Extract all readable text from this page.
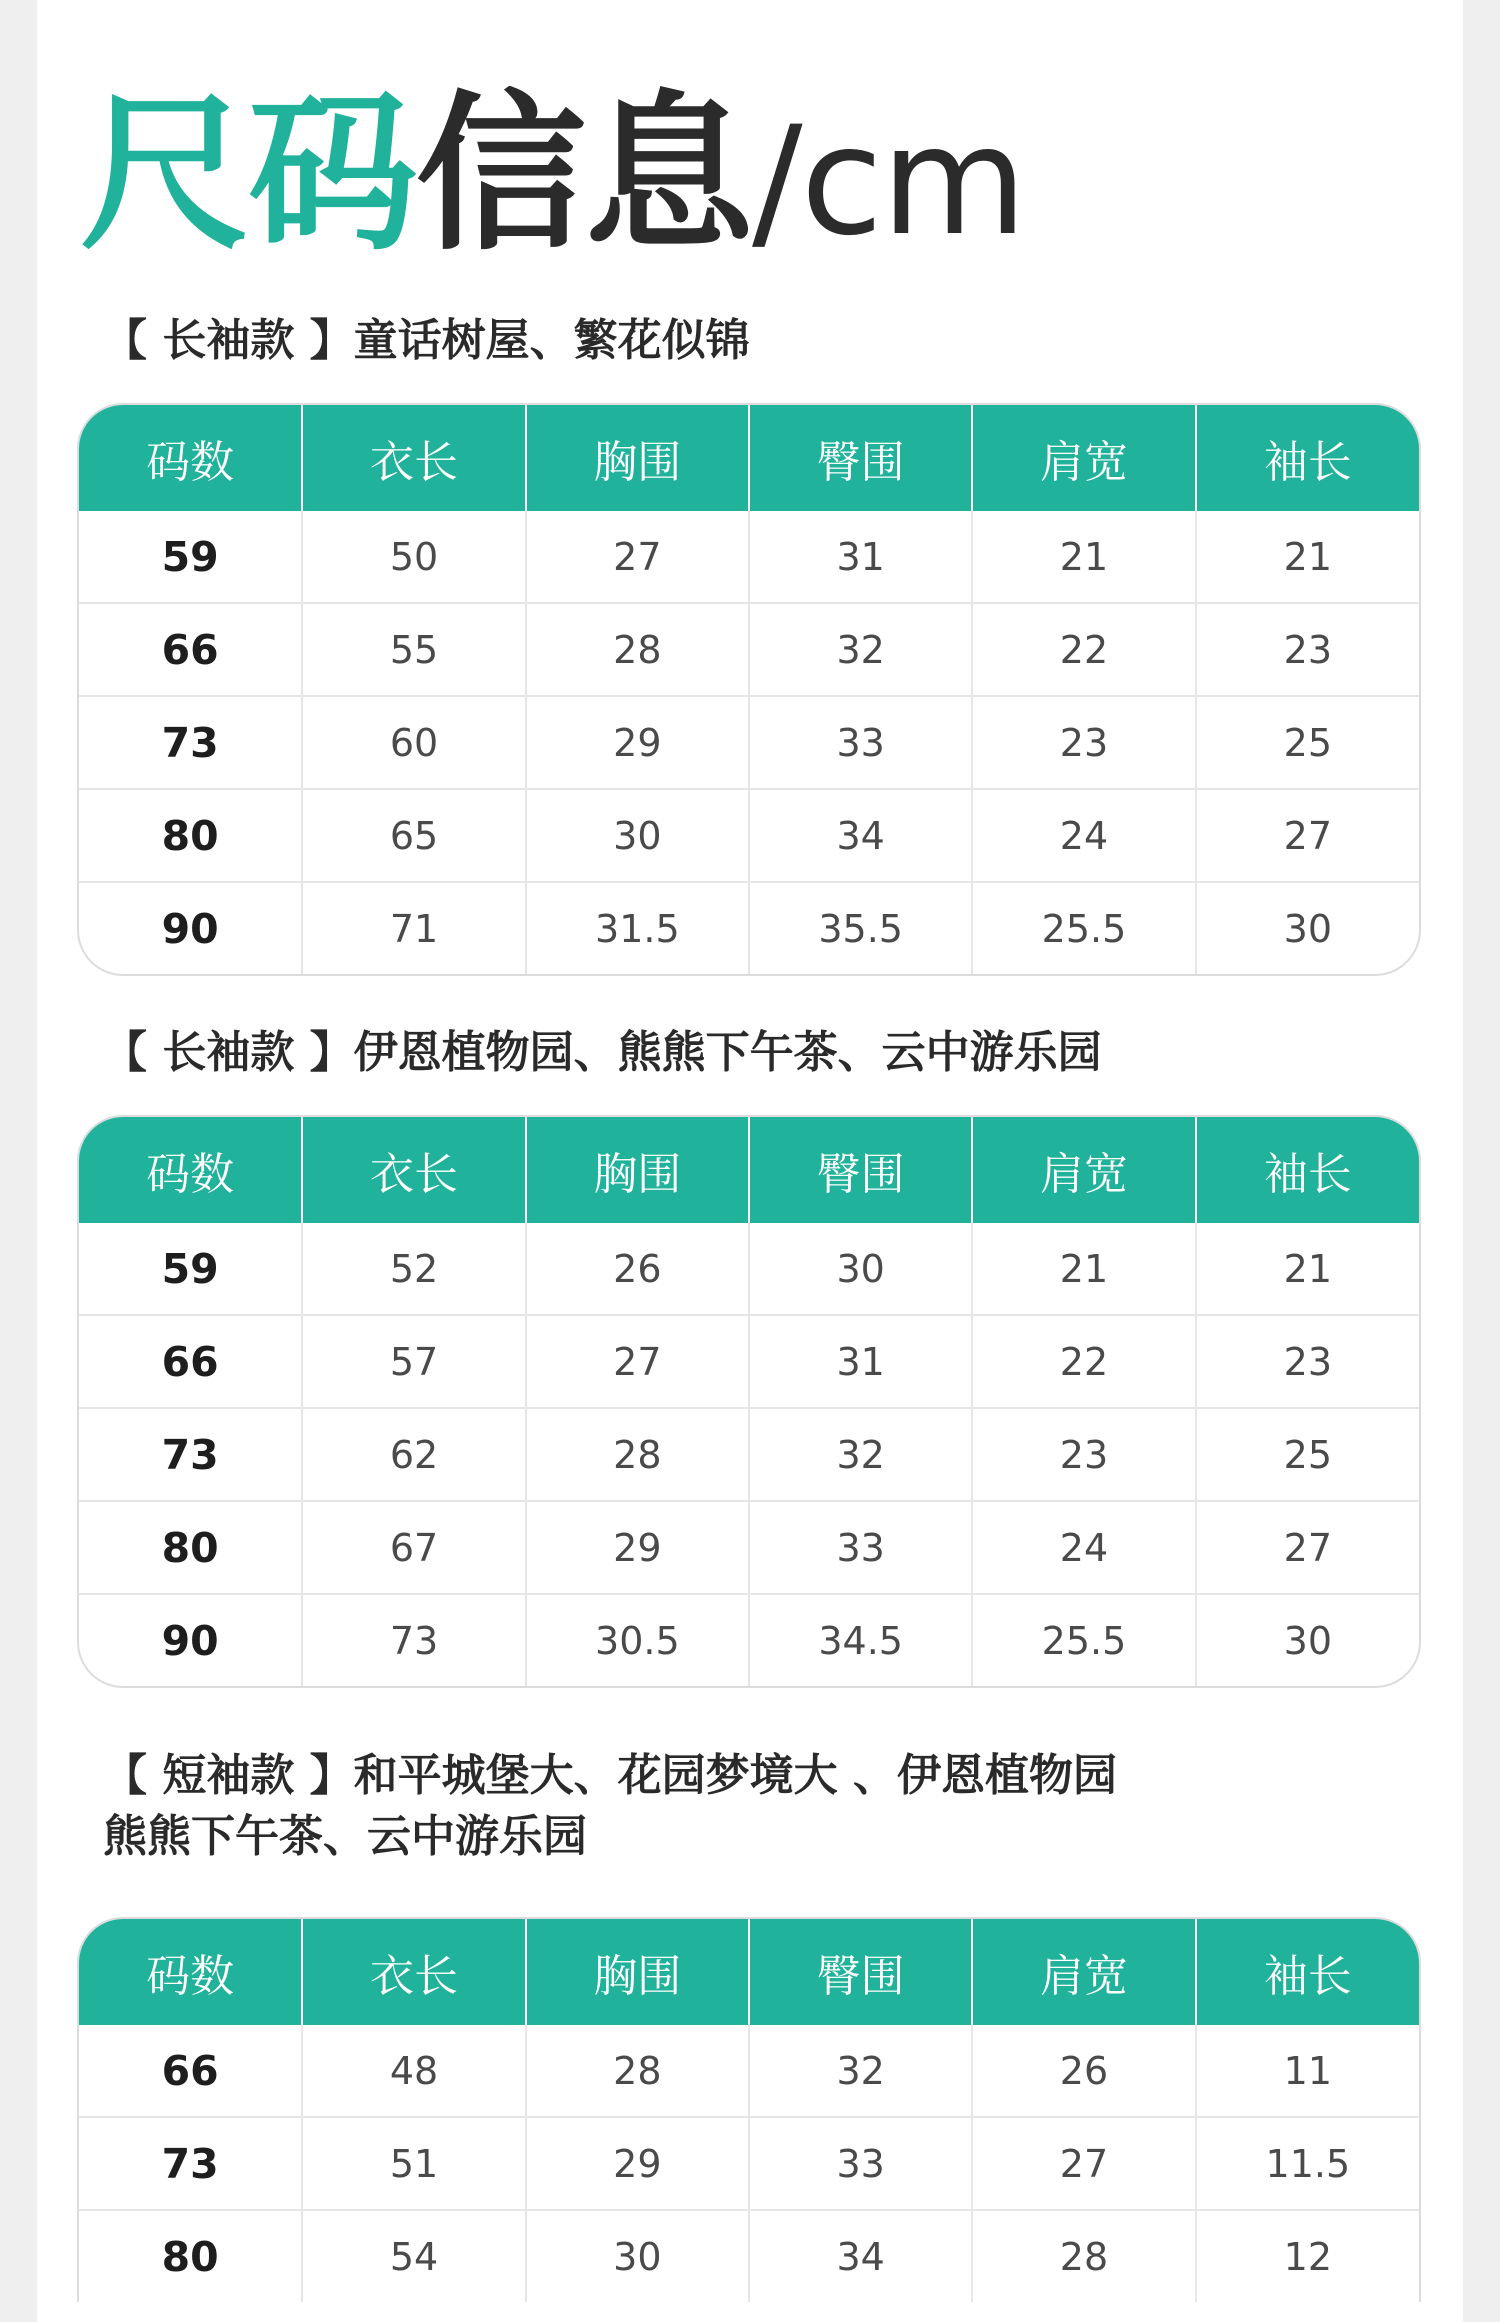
尺码信息/cm
【 长袖款 】童话树屋、繁花似锦
码数	衣长	胸围	臀围	肩宽	袖长
59	50	27	31	21	21
66	55	28	32	22	23
73	60	29	33	23	25
80	65	30	34	24	27
90	71	31.5	35.5	25.5	30
【 长袖款 】伊恩植物园、熊熊下午茶、云中游乐园
码数	衣长	胸围	臀围	肩宽	袖长
59	52	26	30	21	21
66	57	27	31	22	23
73	62	28	32	23	25
80	67	29	33	24	27
90	73	30.5	34.5	25.5	30
【 短袖款 】和平城堡大、花园梦境大 、伊恩植物园
熊熊下午茶、云中游乐园
码数	衣长	胸围	臀围	肩宽	袖长
66	48	28	32	26	11
73	51	29	33	27	11.5
80	54	30	34	28	12
